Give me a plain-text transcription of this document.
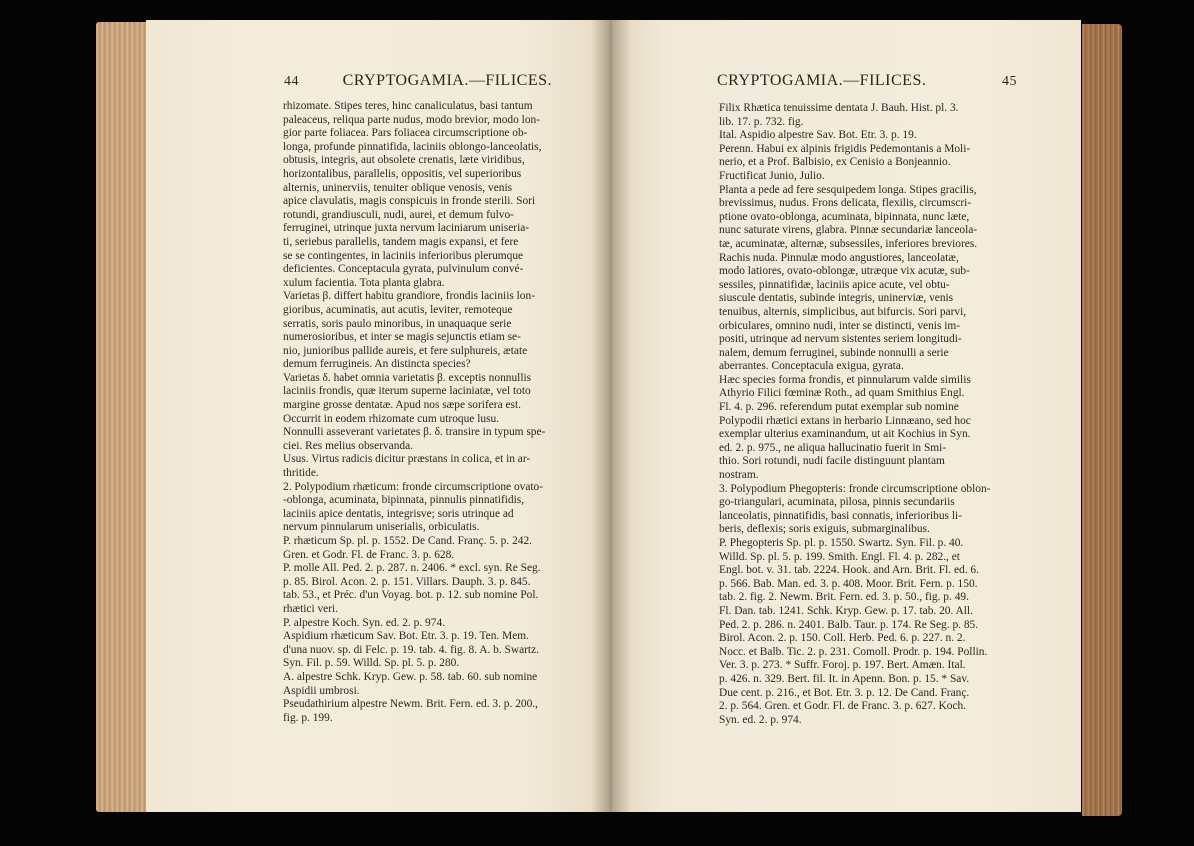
44	CRYPTOGAMIA.—FILICES.
rhizomate. Stipes teres, hinc canaliculatus, basi tantum
paleaceus, reliqua parte nudus, modo brevior, modo lon-
gior parte foliacea. Pars foliacea circumscriptione ob-
longa, profunde pinnatifida, laciniis oblongo-lanceolatis,
obtusis, integris, aut obsolete crenatis, læte viridibus,
horizontalibus, parallelis, oppositis, vel superioribus
alternis, uninerviis, tenuiter oblique venosis, venis
apice clavulatis, magis conspicuis in fronde sterili. Sori
rotundi, grandiusculi, nudi, aurei, et demum fulvo-
ferruginei, utrinque juxta nervum laciniarum uniseria-
ti, seriebus parallelis, tandem magis expansi, et fere
se se contingentes, in laciniis inferioribus plerumque
deficientes. Conceptacula gyrata, pulvinulum convé-
xulum facientia. Tota planta glabra.
Varietas β. differt habitu grandiore, frondis laciniis lon-
gioribus, acuminatis, aut acutis, leviter, remoteque
serratis, soris paulo minoribus, in unaquaque serie
numerosioribus, et inter se magis sejunctis etiam se-
nio, junioribus pallide aureis, et fere sulphureis, ætate
demum ferrugineis. An distincta species?
Varietas δ. habet omnia varietatis β. exceptis nonnullis
laciniis frondis, quæ iterum superne laciniatæ, vel toto
margine grosse dentatæ. Apud nos sæpe sorifera est.
Occurrit in eodem rhizomate cum utroque lusu.
Nonnulli asseverant varietates β. δ. transire in typum spe-
ciei. Res melius observanda.
Usus. Virtus radicis dicitur præstans in colica, et in ar-
thritide.
2. Polypodium rhæticum: fronde circumscriptione ovato-
-oblonga, acuminata, bipinnata, pinnulis pinnatifidis,
laciniis apice dentatis, integrisve; soris utrinque ad
nervum pinnularum uniserialis, orbiculatis.
P. rhæticum Sp. pl. p. 1552. De Cand. Franç. 5. p. 242.
Gren. et Godr. Fl. de Franc. 3. p. 628.
P. molle All. Ped. 2. p. 287. n. 2406. * excl. syn. Re Seg.
p. 85. Birol. Acon. 2. p. 151. Villars. Dauph. 3. p. 845.
tab. 53., et Préc. d'un Voyag. bot. p. 12. sub nomine Pol.
rhætici veri.
P. alpestre Koch. Syn. ed. 2. p. 974.
Aspidium rhæticum Sav. Bot. Etr. 3. p. 19. Ten. Mem.
d'una nuov. sp. di Felc. p. 19. tab. 4. fig. 8. A. b. Swartz.
Syn. Fil. p. 59. Willd. Sp. pl. 5. p. 280.
A. alpestre Schk. Kryp. Gew. p. 58. tab. 60. sub nomine
Aspidii umbrosi.
Pseudathirium alpestre Newm. Brit. Fern. ed. 3. p. 200.,
fig. p. 199.
CRYPTOGAMIA.—FILICES.	45
Filix Rhætica tenuissime dentata J. Bauh. Hist. pl. 3.
lib. 17. p. 732. fig.
Ital. Aspidio alpestre Sav. Bot. Etr. 3. p. 19.
Perenn. Habui ex alpinis frigidis Pedemontanis a Moli-
nerio, et a Prof. Balbisio, ex Cenisio a Bonjeannio.
Fructificat Junio, Julio.
Planta a pede ad fere sesquipedem longa. Stipes gracilis,
brevissimus, nudus. Frons delicata, flexilis, circumscri-
ptione ovato-oblonga, acuminata, bipinnata, nunc læte,
nunc saturate virens, glabra. Pinnæ secundariæ lanceola-
tæ, acuminatæ, alternæ, subsessiles, inferiores breviores.
Rachis nuda. Pinnulæ modo angustiores, lanceolatæ,
modo latiores, ovato-oblongæ, utræque vix acutæ, sub-
sessiles, pinnatifidæ, laciniis apice acute, vel obtu-
siuscule dentatis, subinde integris, uninerviæ, venis
tenuibus, alternis, simplicibus, aut bifurcis. Sori parvi,
orbiculares, omnino nudi, inter se distincti, venis im-
positi, utrinque ad nervum sistentes seriem longitudi-
nalem, demum ferruginei, subinde nonnulli a serie
aberrantes. Conceptacula exigua, gyrata.
Hæc species forma frondis, et pinnularum valde similis
Athyrio Filici fœminæ Roth., ad quam Smithius Engl.
Fl. 4. p. 296. referendum putat exemplar sub nomine
Polypodii rhætici extans in herbario Linnæano, sed hoc
exemplar ulterius examinandum, ut ait Kochius in Syn.
ed. 2. p. 975., ne aliqua hallucinatio fuerit in Smi-
thio. Sori rotundi, nudi facile distinguunt plantam
nostram.
3. Polypodium Phegopteris: fronde circumscriptione oblon-
go-triangulari, acuminata, pilosa, pinnis secundariis
lanceolatis, pinnatifidis, basi connatis, inferioribus li-
beris, deflexis; soris exiguis, submarginalibus.
P. Phegopteris Sp. pl. p. 1550. Swartz. Syn. Fil. p. 40.
Willd. Sp. pl. 5. p. 199. Smith. Engl. Fl. 4. p. 282., et
Engl. bot. v. 31. tab. 2224. Hook. and Arn. Brit. Fl. ed. 6.
p. 566. Bab. Man. ed. 3. p. 408. Moor. Brit. Fern. p. 150.
tab. 2. fig. 2. Newm. Brit. Fern. ed. 3. p. 50., fig. p. 49.
Fl. Dan. tab. 1241. Schk. Kryp. Gew. p. 17. tab. 20. All.
Ped. 2. p. 286. n. 2401. Balb. Taur. p. 174. Re Seg. p. 85.
Birol. Acon. 2. p. 150. Coll. Herb. Ped. 6. p. 227. n. 2.
Nocc. et Balb. Tic. 2. p. 231. Comoll. Prodr. p. 194. Pollin.
Ver. 3. p. 273. * Suffr. Foroj. p. 197. Bert. Amæn. Ital.
p. 426. n. 329. Bert. fil. It. in Apenn. Bon. p. 15. * Sav.
Due cent. p. 216., et Bot. Etr. 3. p. 12. De Cand. Franç.
2. p. 564. Gren. et Godr. Fl. de Franc. 3. p. 627. Koch.
Syn. ed. 2. p. 974.
